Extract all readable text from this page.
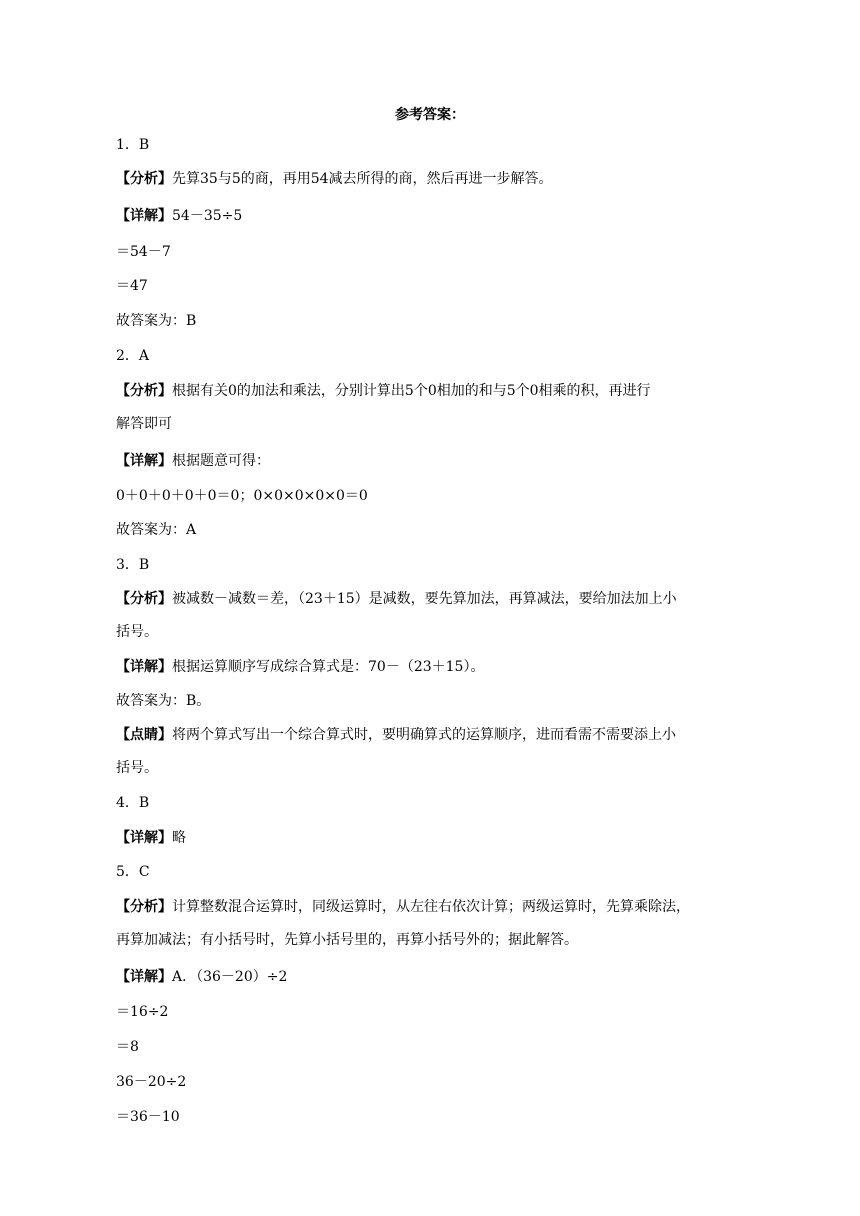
参考答案：
1．B
【分析】先算35与5的商，再用54减去所得的商，然后再进一步解答。
【详解】54－35÷5
＝54－7
＝47
故答案为：B
2．A
【分析】根据有关0的加法和乘法，分别计算出5个0相加的和与5个0相乘的积，再进行
解答即可
【详解】根据题意可得：
0＋0＋0＋0＋0＝0；0×0×0×0×0＝0
故答案为：A
3．B
【分析】被减数－减数＝差，（23＋15）是减数，要先算加法，再算减法，要给加法加上小
括号。
【详解】根据运算顺序写成综合算式是：70－（23＋15）。
故答案为：B。
【点睛】将两个算式写出一个综合算式时，要明确算式的运算顺序，进而看需不需要添上小
括号。
4．B
【详解】略
5．C
【分析】计算整数混合运算时，同级运算时，从左往右依次计算；两级运算时，先算乘除法，
再算加减法；有小括号时，先算小括号里的，再算小括号外的；据此解答。
【详解】A．（36－20）÷2
＝16÷2
＝8
36－20÷2
＝36－10
